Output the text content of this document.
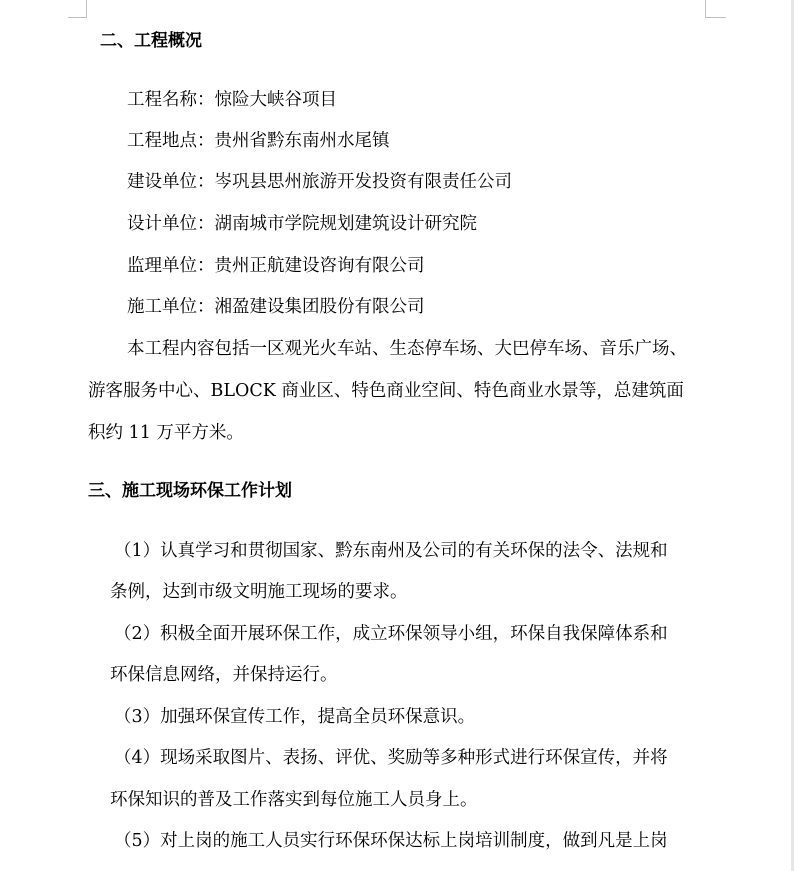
二、工程概况
工程名称：惊险大峡谷项目
工程地点：贵州省黔东南州水尾镇
建设单位：岑巩县思州旅游开发投资有限责任公司
设计单位：湖南城市学院规划建筑设计研究院
监理单位：贵州正航建设咨询有限公司
施工单位：湘盈建设集团股份有限公司
本工程内容包括一区观光火车站、生态停车场、大巴停车场、音乐广场、
游客服务中心、BLOCK 商业区、特色商业空间、特色商业水景等，总建筑面
积约 11 万平方米。
三、施工现场环保工作计划
（1）认真学习和贯彻国家、黔东南州及公司的有关环保的法令、法规和
条例，达到市级文明施工现场的要求。
（2）积极全面开展环保工作，成立环保领导小组，环保自我保障体系和
环保信息网络，并保持运行。
（3）加强环保宣传工作，提高全员环保意识。
（4）现场采取图片、表扬、评优、奖励等多种形式进行环保宣传，并将
环保知识的普及工作落实到每位施工人员身上。
（5）对上岗的施工人员实行环保环保达标上岗培训制度，做到凡是上岗
